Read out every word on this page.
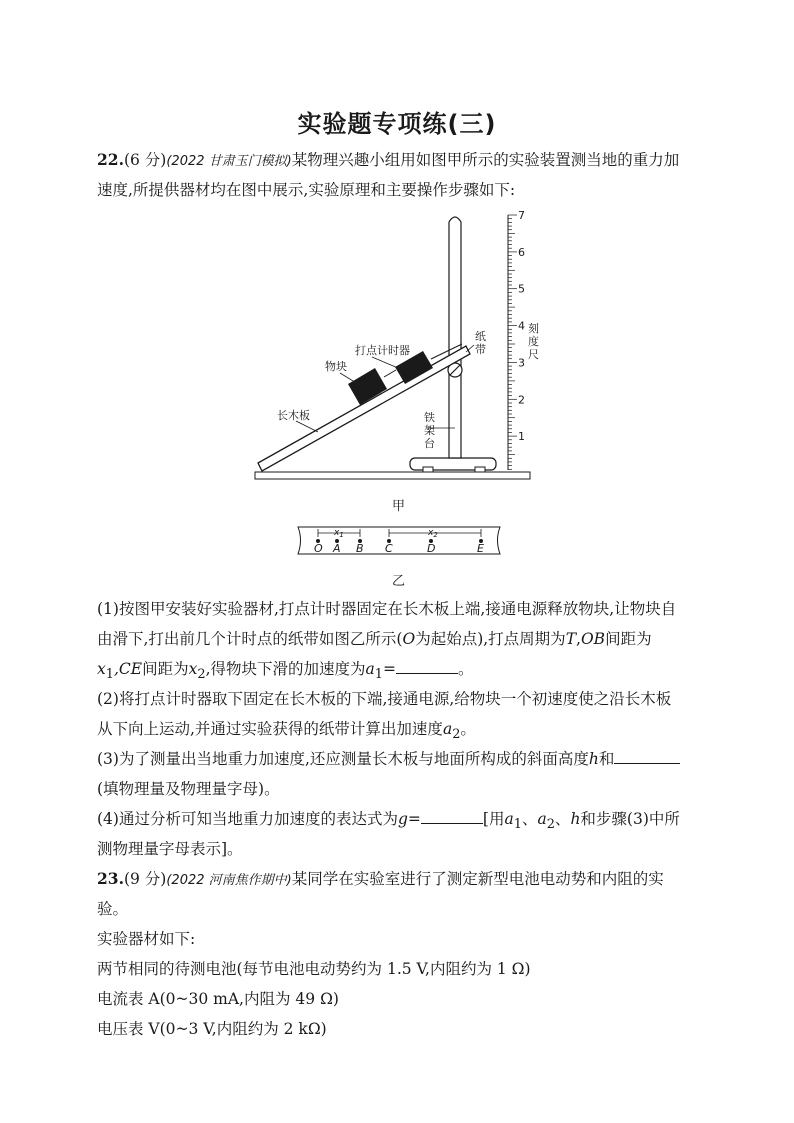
实验题专项练(三)
22.(6 分)(2022 甘肃玉门模拟)某物理兴趣小组用如图甲所示的实验装置测当地的重力加
速度,所提供器材均在图中展示,实验原理和主要操作步骤如下:
1
2
3
4
5
6
7
打点计时器
物块
长木板	铁
架
台
纸
带
刻
度
尺
甲
O A B C	D	E
$x_1$	$x_2$
乙
(1)按图甲安装好实验器材,打点计时器固定在长木板上端,接通电源释放物块,让物块自
由滑下,打出前几个计时点的纸带如图乙所示(O为起始点),打点周期为T,OB间距为
$x_1,CE$间距为$x_2$,得物块下滑的加速度为$a_1=$	。
(2)将打点计时器取下固定在长木板的下端,接通电源,给物块一个初速度使之沿长木板
从下向上运动,并通过实验获得的纸带计算出加速度$a_2$。
(3)为了测量出当地重力加速度,还应测量长木板与地面所构成的斜面高度h和
(填物理量及物理量字母)。
(4)通过分析可知当地重力加速度的表达式为g=	[用$a_1$、$a_2$、h和步骤(3)中所
测物理量字母表示]。
23.(9 分)(2022 河南焦作期中)某同学在实验室进行了测定新型电池电动势和内阻的实
验。
实验器材如下:
两节相同的待测电池(每节电池电动势约为 1.5 V,内阻约为 1 Ω)
电流表 A(0~30 mA,内阻为 49 Ω)
电压表 V(0~3 V,内阻约为 2 kΩ)
